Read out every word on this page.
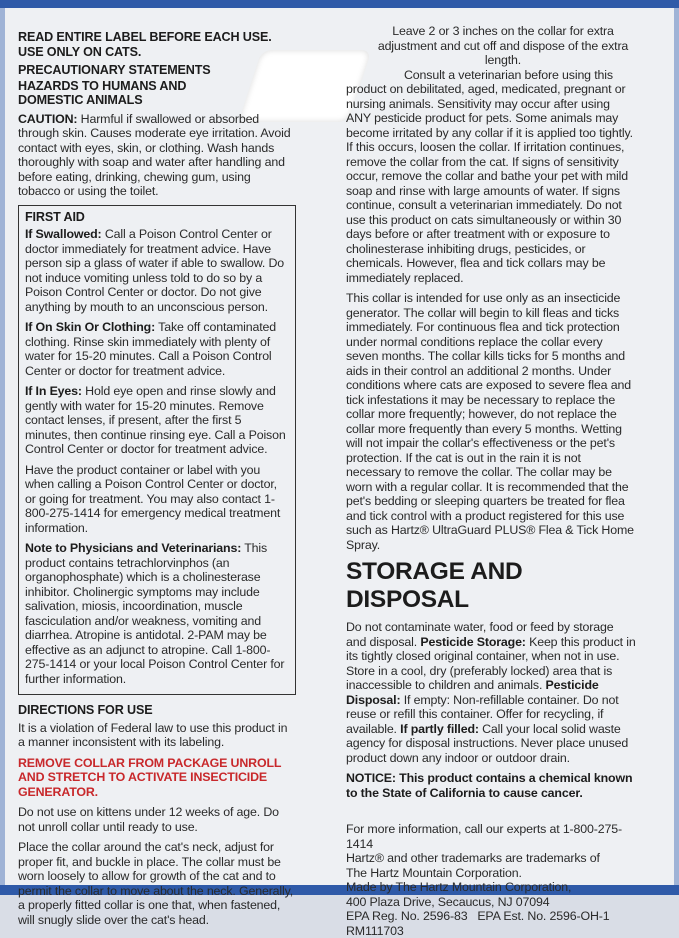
READ ENTIRE LABEL BEFORE EACH USE.
USE ONLY ON CATS.
PRECAUTIONARY STATEMENTS
HAZARDS TO HUMANS AND
DOMESTIC ANIMALS

CAUTION: Harmful if swallowed or absorbed through skin. Causes moderate eye irritation. Avoid contact with eyes, skin, or clothing. Wash hands thoroughly with soap and water after handling and before eating, drinking, chewing gum, using tobacco or using the toilet.

FIRST AID

If Swallowed: Call a Poison Control Center or doctor immediately for treatment advice. Have person sip a glass of water if able to swallow. Do not induce vomiting unless told to do so by a Poison Control Center or doctor. Do not give anything by mouth to an unconscious person.

If On Skin Or Clothing: Take off contaminated clothing. Rinse skin immediately with plenty of water for 15-20 minutes. Call a Poison Control Center or doctor for treatment advice.

If In Eyes: Hold eye open and rinse slowly and gently with water for 15-20 minutes. Remove contact lenses, if present, after the first 5 minutes, then continue rinsing eye. Call a Poison Control Center or doctor for treatment advice.

Have the product container or label with you when calling a Poison Control Center or doctor, or going for treatment. You may also contact 1-800-275-1414 for emergency medical treatment information.

Note to Physicians and Veterinarians: This product contains tetrachlorvinphos (an organophosphate) which is a cholinesterase inhibitor. Cholinergic symptoms may include salivation, miosis, incoordination, muscle fasciculation and/or weakness, vomiting and diarrhea. Atropine is antidotal. 2-PAM may be effective as an adjunct to atropine. Call 1-800-275-1414 or your local Poison Control Center for further information.

DIRECTIONS FOR USE

It is a violation of Federal law to use this product in a manner inconsistent with its labeling.

REMOVE COLLAR FROM PACKAGE UNROLL AND STRETCH TO ACTIVATE INSECTICIDE GENERATOR.

Do not use on kittens under 12 weeks of age. Do not unroll collar until ready to use.

Place the collar around the cat's neck, adjust for proper fit, and buckle in place. The collar must be worn loosely to allow for growth of the cat and to permit the collar to move about the neck. Generally, a properly fitted collar is one that, when fastened, will snugly slide over the cat's head.

Leave 2 or 3 inches on the collar for extra adjustment and cut off and dispose of the extra length.

Consult a veterinarian before using this product on debilitated, aged, medicated, pregnant or nursing animals. Sensitivity may occur after using ANY pesticide product for pets. Some animals may become irritated by any collar if it is applied too tightly. If this occurs, loosen the collar. If irritation continues, remove the collar from the cat. If signs of sensitivity occur, remove the collar and bathe your pet with mild soap and rinse with large amounts of water. If signs continue, consult a veterinarian immediately. Do not use this product on cats simultaneously or within 30 days before or after treatment with or exposure to cholinesterase inhibiting drugs, pesticides, or chemicals. However, flea and tick collars may be immediately replaced.

This collar is intended for use only as an insecticide generator. The collar will begin to kill fleas and ticks immediately. For continuous flea and tick protection under normal conditions replace the collar every seven months. The collar kills ticks for 5 months and aids in their control an additional 2 months. Under conditions where cats are exposed to severe flea and tick infestations it may be necessary to replace the collar more frequently; however, do not replace the collar more frequently than every 5 months. Wetting will not impair the collar's effectiveness or the pet's protection. If the cat is out in the rain it is not necessary to remove the collar. The collar may be worn with a regular collar. It is recommended that the pet's bedding or sleeping quarters be treated for flea and tick control with a product registered for this use such as Hartz® UltraGuard PLUS® Flea & Tick Home Spray.

STORAGE AND DISPOSAL

Do not contaminate water, food or feed by storage and disposal. Pesticide Storage: Keep this product in its tightly closed original container, when not in use. Store in a cool, dry (preferably locked) area that is inaccessible to children and animals. Pesticide Disposal: If empty: Non-refillable container. Do not reuse or refill this container. Offer for recycling, if available. If partly filled: Call your local solid waste agency for disposal instructions. Never place unused product down any indoor or outdoor drain.

NOTICE: This product contains a chemical known to the State of California to cause cancer.

For more information, call our experts at 1-800-275-1414
Hartz® and other trademarks are trademarks of
The Hartz Mountain Corporation.
Made by The Hartz Mountain Corporation,
400 Plaza Drive, Secaucus, NJ 07094
EPA Reg. No. 2596-83   EPA Est. No. 2596-OH-1
RM111703
